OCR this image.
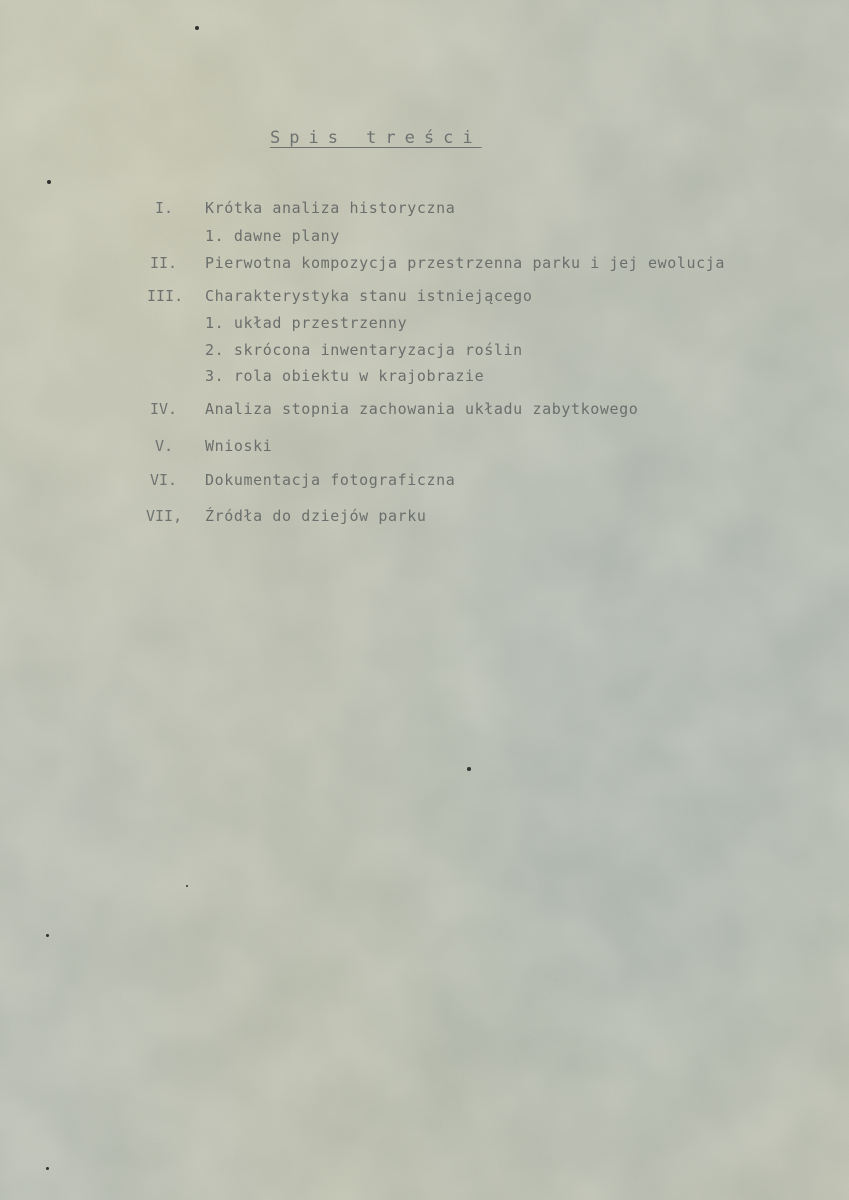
Spis treści
I. Krótka analiza historyczna
1. dawne plany
II. Pierwotna kompozycja przestrzenna parku i jej ewolucja
III. Charakterystyka stanu istniejącego
1. układ przestrzenny
2. skrócona inwentaryzacja roślin
3. rola obiektu w krajobrazie
IV. Analiza stopnia zachowania układu zabytkowego
V. Wnioski
VI. Dokumentacja fotograficzna
VII, Źródła do dziejów parku
